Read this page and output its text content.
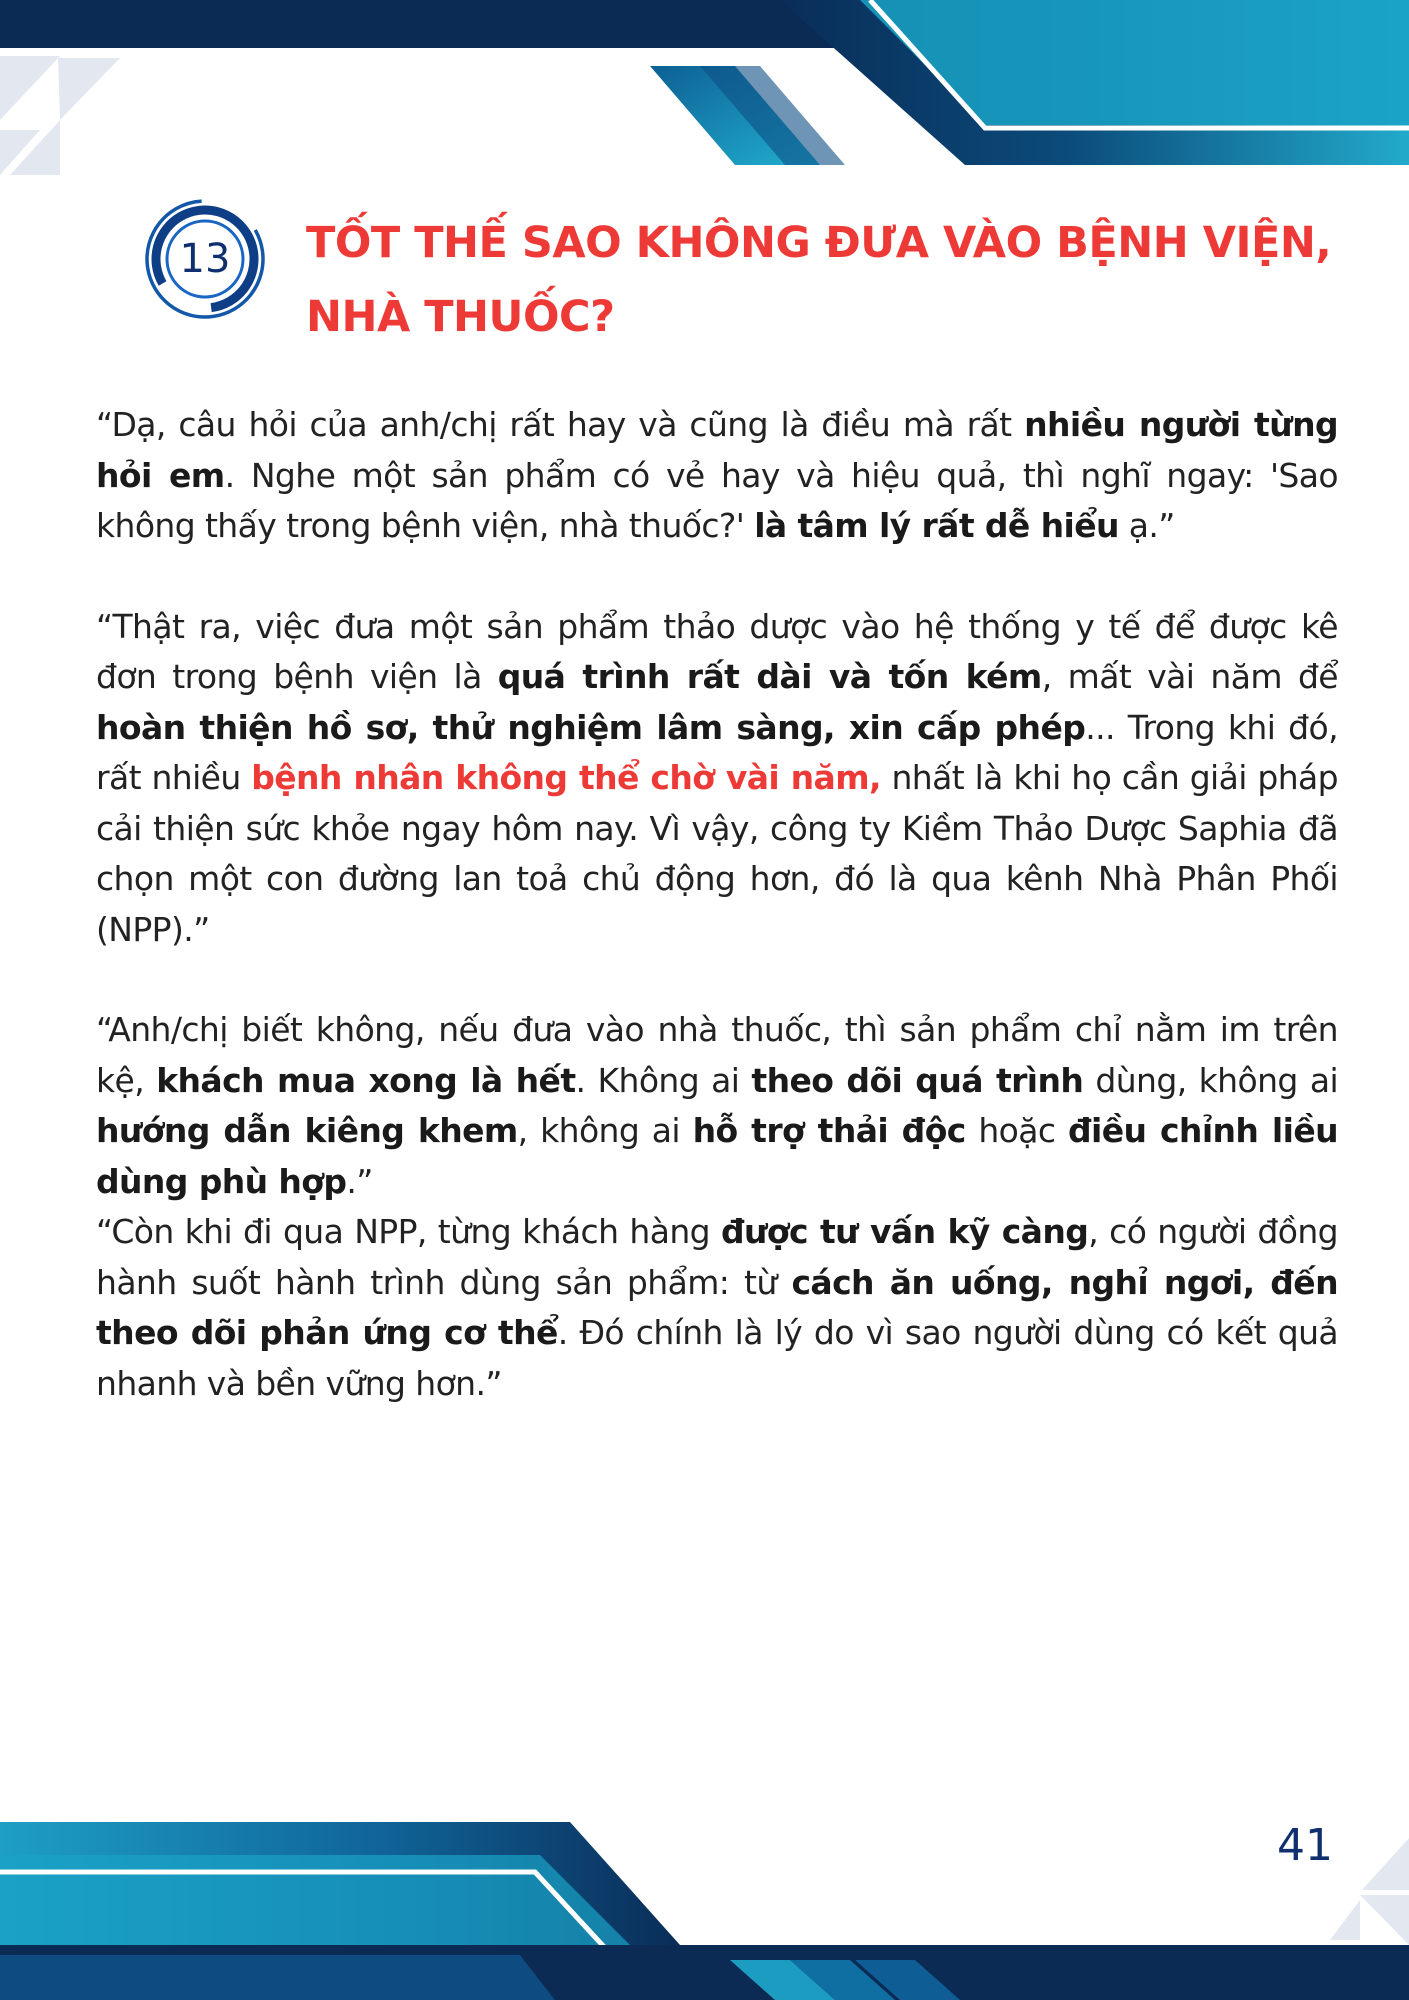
13	TỐT THẾ SAO KHÔNG ĐƯA VÀO BỆNH VIỆN,
NHÀ THUỐC?

“Dạ, câu hỏi của anh/chị rất hay và cũng là điều mà rất nhiều người từng hỏi em. Nghe một sản phẩm có vẻ hay và hiệu quả, thì nghĩ ngay: 'Sao không thấy trong bệnh viện, nhà thuốc?' là tâm lý rất dễ hiểu ạ.”

“Thật ra, việc đưa một sản phẩm thảo dược vào hệ thống y tế để được kê đơn trong bệnh viện là quá trình rất dài và tốn kém, mất vài năm để hoàn thiện hồ sơ, thử nghiệm lâm sàng, xin cấp phép... Trong khi đó, rất nhiều bệnh nhân không thể chờ vài năm, nhất là khi họ cần giải pháp cải thiện sức khỏe ngay hôm nay. Vì vậy, công ty Kiềm Thảo Dược Saphia đã chọn một con đường lan toả chủ động hơn, đó là qua kênh Nhà Phân Phối (NPP).”

“Anh/chị biết không, nếu đưa vào nhà thuốc, thì sản phẩm chỉ nằm im trên kệ, khách mua xong là hết. Không ai theo dõi quá trình dùng, không ai hướng dẫn kiêng khem, không ai hỗ trợ thải độc hoặc điều chỉnh liều dùng phù hợp.”

“Còn khi đi qua NPP, từng khách hàng được tư vấn kỹ càng, có người đồng hành suốt hành trình dùng sản phẩm: từ cách ăn uống, nghỉ ngơi, đến theo dõi phản ứng cơ thể. Đó chính là lý do vì sao người dùng có kết quả nhanh và bền vững hơn.”

41
